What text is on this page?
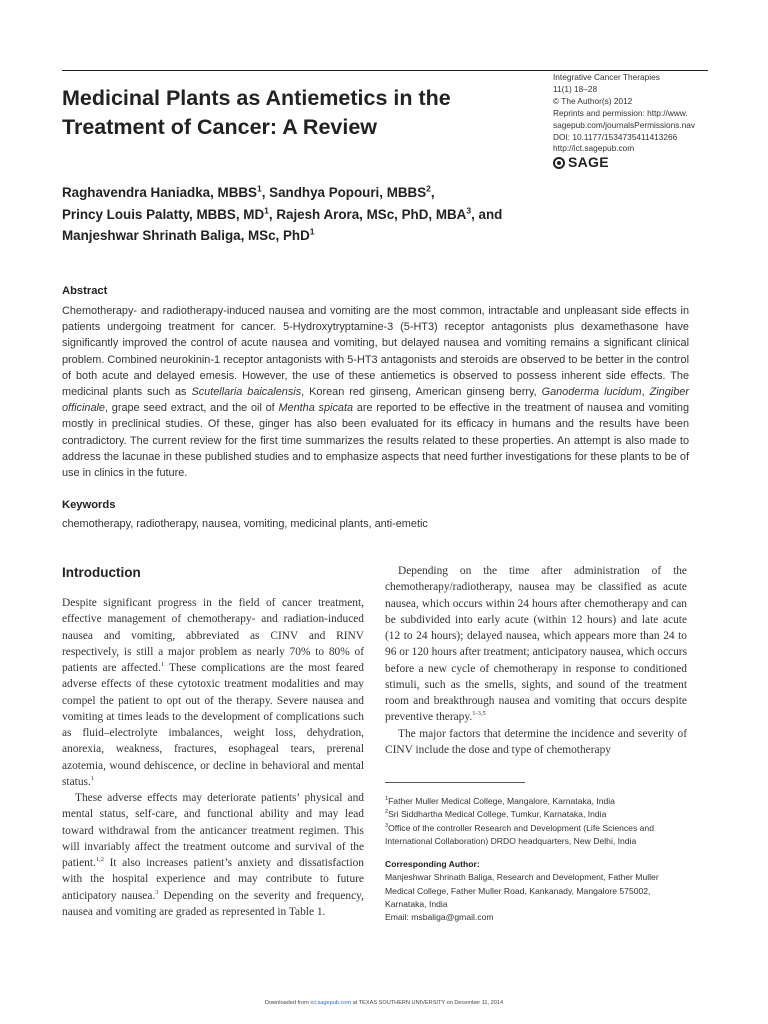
Medicinal Plants as Antiemetics in the Treatment of Cancer: A Review
Integrative Cancer Therapies
11(1) 18–28
© The Author(s) 2012
Reprints and permission: http://www.
sagepub.com/journalsPermissions.nav
DOI: 10.1177/1534735411413266
http://ict.sagepub.com
SAGE
Raghavendra Haniadka, MBBS$^1$, Sandhya Popouri, MBBS$^2$,
Princy Louis Palatty, MBBS, $MD^1$, Rajesh Arora, MSc, PhD, MBA$^3$, and
Manjeshwar Shrinath Baliga, MSc, PhD$^1$
Abstract
Chemotherapy- and radiotherapy-induced nausea and vomiting are the most common, intractable and unpleasant side effects in patients undergoing treatment for cancer. 5-Hydroxytryptamine-3 (5-HT3) receptor antagonists plus dexamethasone have significantly improved the control of acute nausea and vomiting, but delayed nausea and vomiting remains a significant clinical problem. Combined neurokinin-1 receptor antagonists with 5-HT3 antagonists and steroids are observed to be better in the control of both acute and delayed emesis. However, the use of these antiemetics is observed to possess inherent side effects. The medicinal plants such as Scutellaria baicalensis, Korean red ginseng, American ginseng berry, Ganoderma lucidum, Zingiber officinale, grape seed extract, and the oil of Mentha spicata are reported to be effective in the treatment of nausea and vomiting mostly in preclinical studies. Of these, ginger has also been evaluated for its efficacy in humans and the results have been contradictory. The current review for the first time summarizes the results related to these properties. An attempt is also made to address the lacunae in these published studies and to emphasize aspects that need further investigations for these plants to be of use in clinics in the future.
Keywords
chemotherapy, radiotherapy, nausea, vomiting, medicinal plants, anti-emetic
Introduction

Despite significant progress in the field of cancer treatment, effective management of chemotherapy- and radiation-induced nausea and vomiting, abbreviated as CINV and RINV respectively, is still a major problem as nearly 70% to 80% of patients are affected.$^1$ These complications are the most feared adverse effects of these cytotoxic treatment modalities and may compel the patient to opt out of the therapy. Severe nausea and vomiting at times leads to the development of complications such as fluid–electrolyte imbalances, weight loss, dehydration, anorexia, weakness, fractures, esophageal tears, prerenal azotemia, wound dehiscence, or decline in behavioral and mental status.$^1$

These adverse effects may deteriorate patients’ physical and mental status, self-care, and functional ability and may lead toward withdrawal from the anticancer treatment regimen. This will invariably affect the treatment outcome and survival of the patient.$^{1,2}$ It also increases patient’s anxiety and dissatisfaction with the hospital experience and may contribute to future anticipatory nausea.$^3$ Depending on the severity and frequency, nausea and vomiting are graded as represented in Table 1.

Depending on the time after administration of the chemotherapy/radiotherapy, nausea may be classified as acute nausea, which occurs within 24 hours after chemotherapy and can be subdivided into early acute (within 12 hours) and late acute (12 to 24 hours); delayed nausea, which appears more than 24 to 96 or 120 hours after treatment; anticipatory nausea, which occurs before a new cycle of chemotherapy in response to conditioned stimuli, such as the smells, sights, and sound of the treatment room and breakthrough nausea and vomiting that occurs despite preventive therapy.$^{1-3,5}$

The major factors that determine the incidence and severity of CINV include the dose and type of chemotherapy

$^1$Father Muller Medical College, Mangalore, Karnataka, India
$^2$Sri Siddhartha Medical College, Tumkur, Karnataka, India
$^3$Office of the controller Research and Development (Life Sciences and International Collaboration) DRDO headquarters, New Delhi, India
Corresponding Author:
Manjeshwar Shrinath Baliga, Research and Development, Father Muller Medical College, Father Muller Road, Kankanady, Mangalore 575002, Karnataka, India
Email: msbaliga@gmail.com
Downloaded from ict.sagepub.com at TEXAS SOUTHERN UNIVERSITY on December 11, 2014
